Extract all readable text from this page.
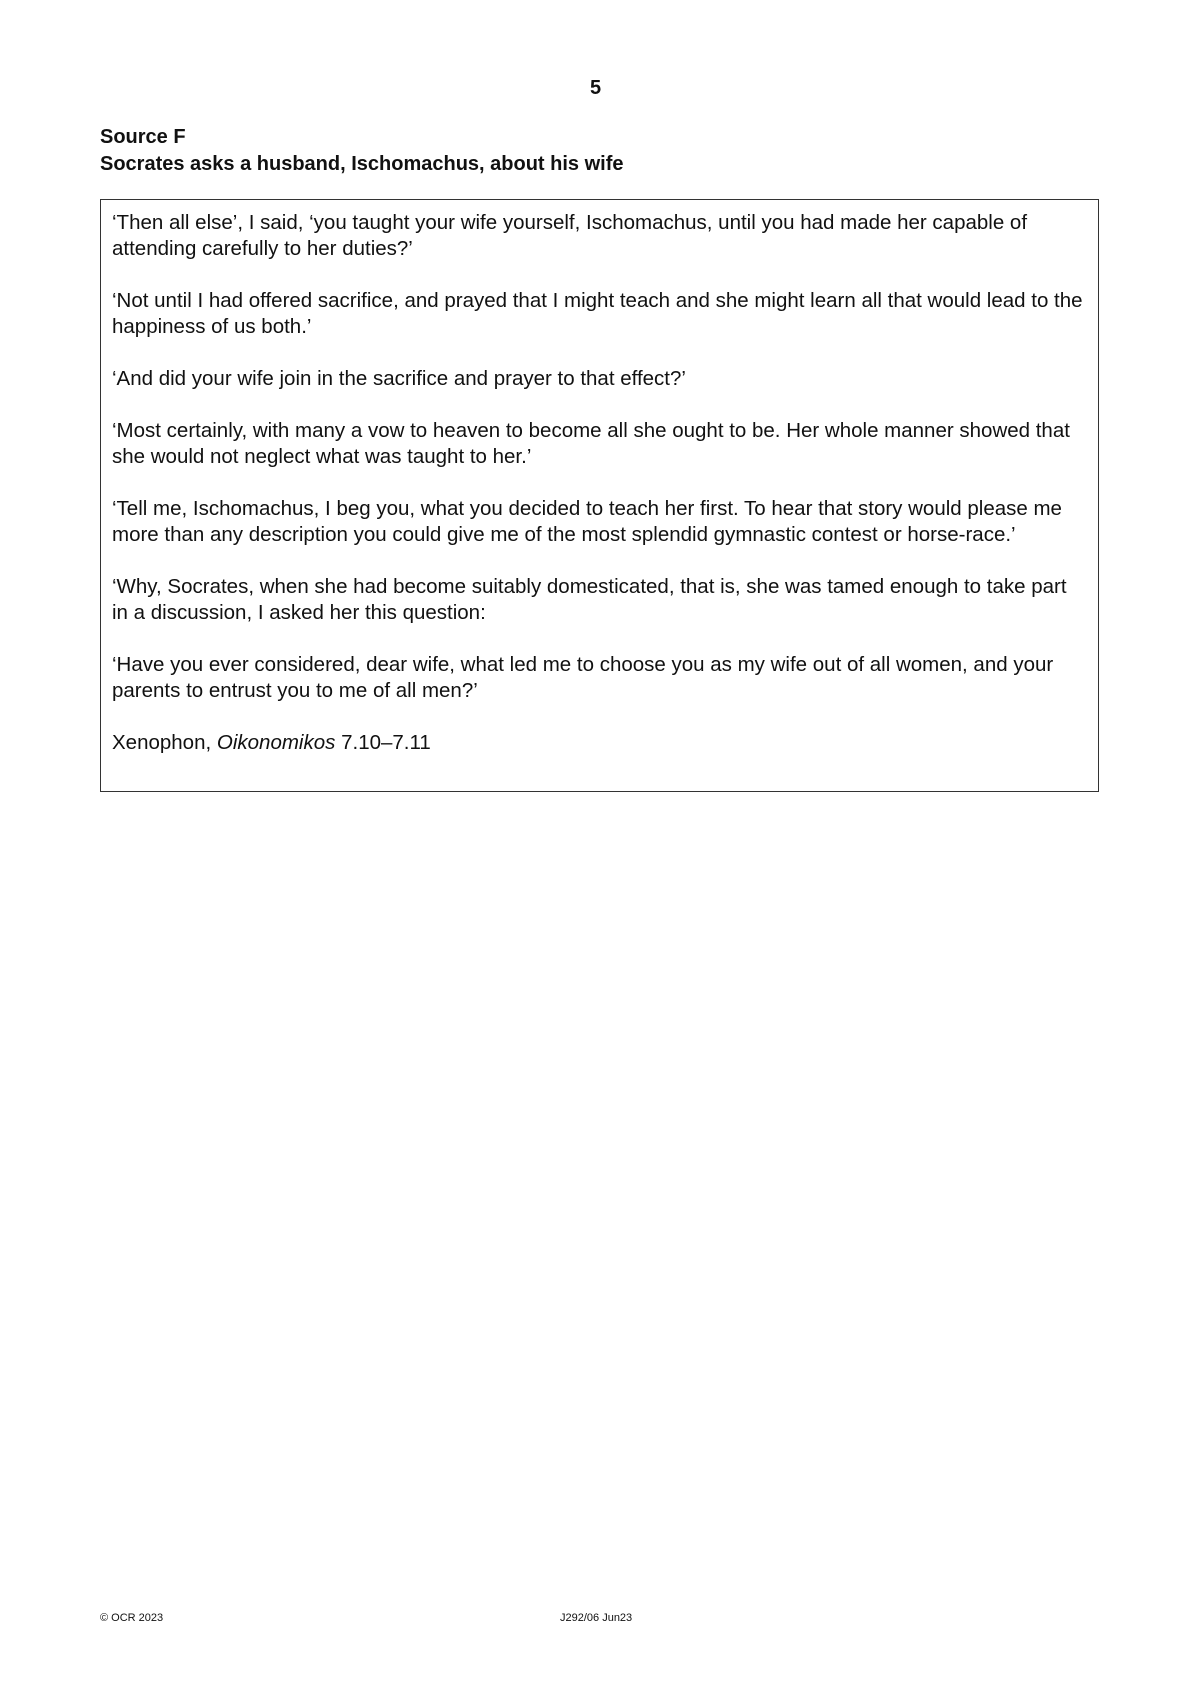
5
Source F
Socrates asks a husband, Ischomachus, about his wife

‘Then all else’, I said, ‘you taught your wife yourself, Ischomachus, until you had made her capable of attending carefully to her duties?’

‘Not until I had offered sacrifice, and prayed that I might teach and she might learn all that would lead to the happiness of us both.’

‘And did your wife join in the sacrifice and prayer to that effect?’

‘Most certainly, with many a vow to heaven to become all she ought to be. Her whole manner showed that she would not neglect what was taught to her.’

‘Tell me, Ischomachus, I beg you, what you decided to teach her first. To hear that story would please me more than any description you could give me of the most splendid gymnastic contest or horse-race.’

‘Why, Socrates, when she had become suitably domesticated, that is, she was tamed enough to take part in a discussion, I asked her this question:

‘Have you ever considered, dear wife, what led me to choose you as my wife out of all women, and your parents to entrust you to me of all men?’

Xenophon, Oikonomikos 7.10–7.11

© OCR 2023	J292/06 Jun23
